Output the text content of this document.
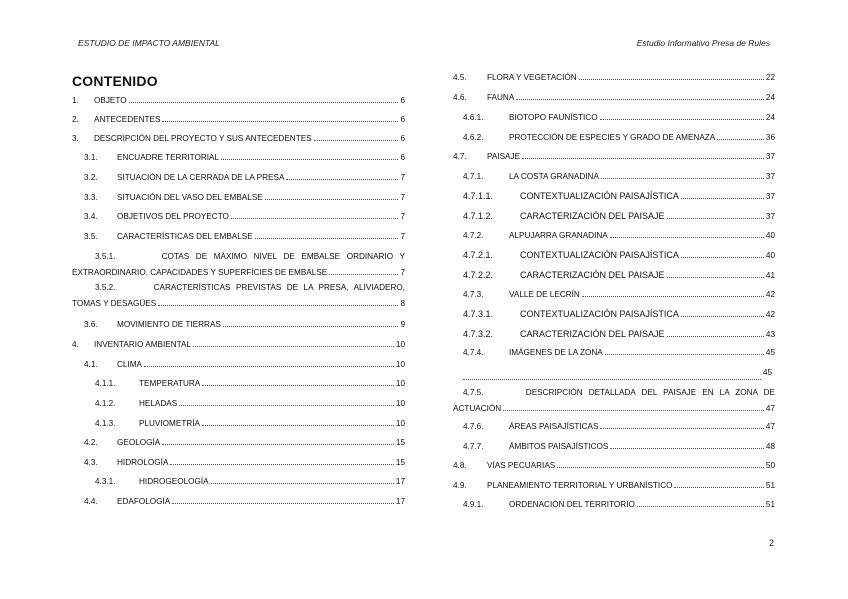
ESTUDIO DE IMPACTO AMBIENTAL	Estudio Informativo Presa de Rules
CONTENIDO
1. OBJETO	6
2. ANTECEDENTES	6
3. DESCRIPCIÓN DEL PROYECTO Y SUS ANTECEDENTES	6
3.1. ENCUADRE TERRITORIAL	6
3.2. SITUACIÓN DE LA CERRADA DE LA PRESA	7
3.3. SITUACIÓN DEL VASO DEL EMBALSE	7
3.4. OBJETIVOS DEL PROYECTO	7
3.5. CARACTERÍSTICAS DEL EMBALSE	7
3.5.1.	COTAS DE MÁXIMO NIVEL DE EMBALSE ORDINARIO Y
EXTRAORDINARIO. CAPACIDADES Y SUPERFÍCIES DE EMBALSE	7
3.5.2.	CARACTERÍSTICAS PREVISTAS DE LA PRESA, ALIVIADERO,
TOMAS Y DESAGÜES	8
3.6. MOVIMIENTO DE TIERRAS	9
4. INVENTARIO AMBIENTAL	10
4.1. CLIMA	10
4.1.1.	TEMPERATURA	10
4.1.2.	HELADAS	10
4.1.3.	PLUVIOMETRÍA	10
4.2. GEOLOGÍA	15
4.3. HIDROLOGÍA	15
4.3.1.	HIDROGEOLOGÍA	17
4.4. EDAFOLOGÍA	17
4.5. FLORA Y VEGETACIÓN	22
4.6. FAUNA	24
4.6.1.	BIOTOPO FAUNÍSTICO	24
4.6.2.	PROTECCIÓN DE ESPECIES Y GRADO DE AMENAZA	36
4.7. PAISAJE	37
4.7.1.	LA COSTA GRANADINA	37
4.7.1.1.	CONTEXTUALIZACIÓN PAISAJÍSTICA	37
4.7.1.2.	CARACTERIZACIÓN DEL PAISAJE	37
4.7.2.	ALPUJARRA GRANADINA	40
4.7.2.1.	CONTEXTUALIZACIÓN PAISAJÍSTICA	40
4.7.2.2.	CARACTERIZACIÓN DEL PAISAJE	41
4.7.3.	VALLE DE LECRÍN	42
4.7.3.1.	CONTEXTUALIZACIÓN PAISAJÍSTICA	42
4.7.3.2.	CARACTERIZACIÓN DEL PAISAJE	43
4.7.4.	IMÁGENES DE LA ZONA	45
45
4.7.5.	DESCRIPCIÓN DETALLADA DEL PAISAJE EN LA ZONA DE
ACTUACIÓN	47
4.7.6.	ÁREAS PAISAJÍSTICAS	47
4.7.7.	ÁMBITOS PAISAJÍSTICOS	48
4.8. VÍAS PECUARIAS	50
4.9. PLANEAMIENTO TERRITORIAL Y URBANÍSTICO	51
4.9.1.	ORDENACIÓN DEL TERRITORIO	51
2
